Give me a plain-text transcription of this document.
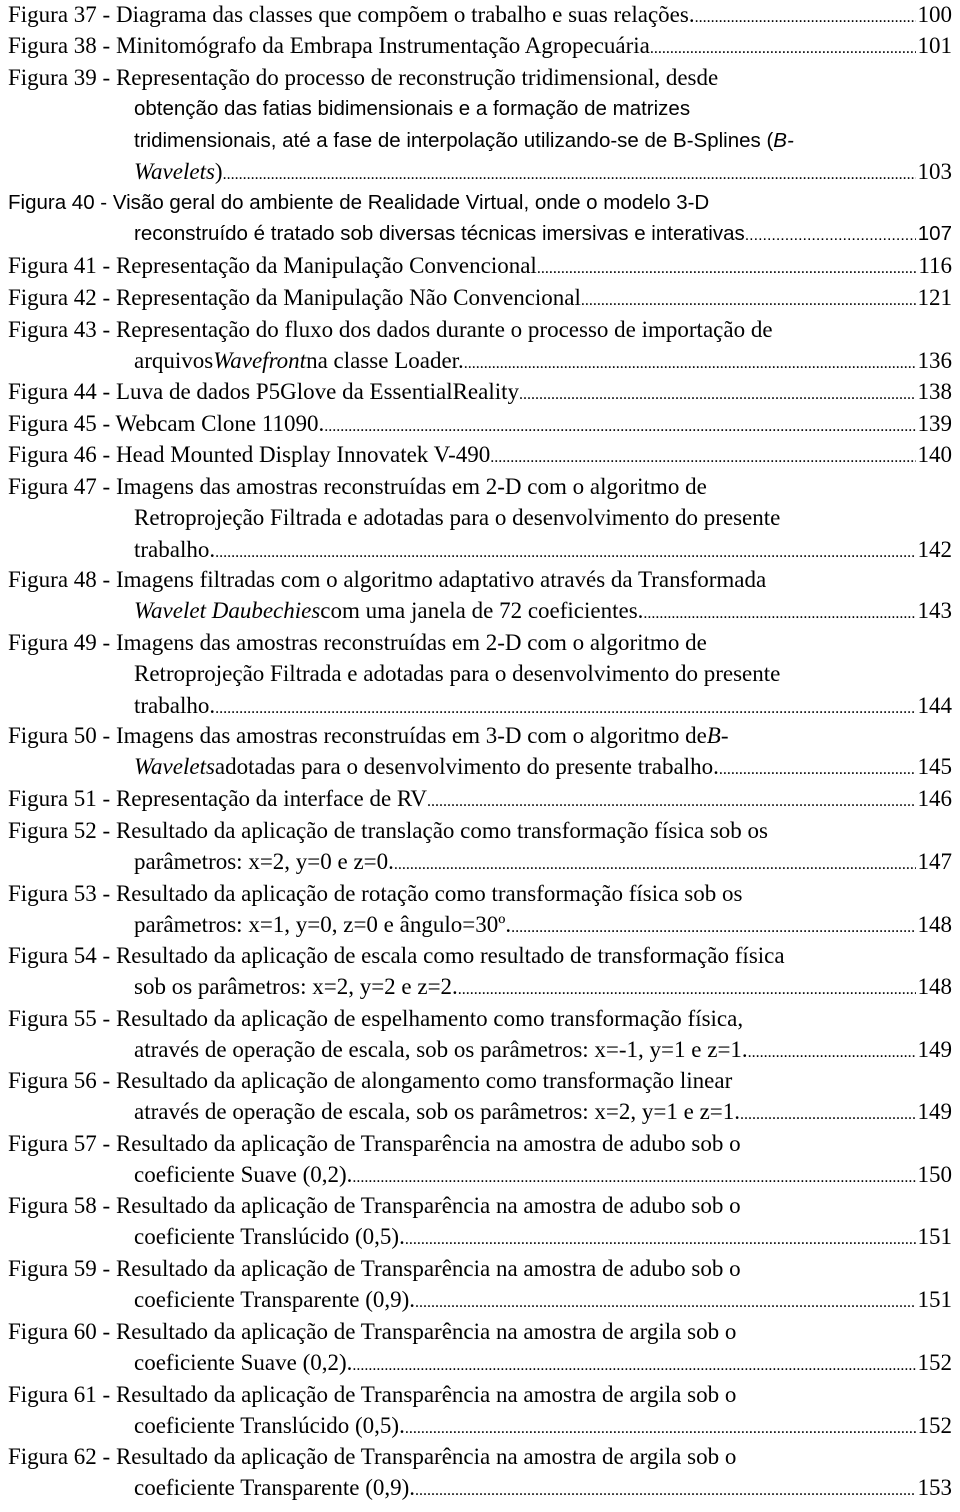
Figura 37 - Diagrama das classes que compõem o trabalho e suas relações. .....	100
Figura 38 - Minitomógrafo da Embrapa Instrumentação Agropecuária .....	101
Figura 39 - Representação do processo de reconstrução tridimensional, desde
obtenção das fatias bidimensionais e a formação de matrizes
tridimensionais, até a fase de interpolação utilizando-se de B-Splines ( B-
Wavelets ) .....	103
Figura 40 - Visão geral do ambiente de Realidade Virtual, onde o modelo 3-D
reconstruído é tratado sob diversas técnicas imersivas e interativas .....	107
Figura 41 - Representação da Manipulação Convencional .....	116
Figura 42 - Representação da Manipulação Não Convencional .....	121
Figura 43 - Representação do fluxo dos dados durante o processo de importação de
arquivos Wavefront na classe Loader. .....	136
Figura 44 - Luva de dados P5Glove da EssentialReality .....	138
Figura 45 - Webcam Clone 11090. .....	139
Figura 46 - Head Mounted Display Innovatek V-490 .....	140
Figura 47 - Imagens das amostras reconstruídas em 2-D com o algoritmo de
Retroprojeção Filtrada e adotadas para o desenvolvimento do presente
trabalho. .....	142
Figura 48 - Imagens filtradas com o algoritmo adaptativo através da Transformada
Wavelet Daubechies com uma janela de 72 coeficientes. .....	143
Figura 49 - Imagens das amostras reconstruídas em 2-D com o algoritmo de
Retroprojeção Filtrada e adotadas para o desenvolvimento do presente
trabalho. .....	144
Figura 50 - Imagens das amostras reconstruídas em 3-D com o algoritmo de B-
Wavelets adotadas para o desenvolvimento do presente trabalho. .....	145
Figura 51 - Representação da interface de RV .....	146
Figura 52 - Resultado da aplicação de translação como transformação física sob os
parâmetros: x=2, y=0 e z=0. .....	147
Figura 53 - Resultado da aplicação de rotação como transformação física sob os
parâmetros: x=1, y=0, z=0 e ângulo=30º. .....	148
Figura 54 - Resultado da aplicação de escala como resultado de transformação física
sob os parâmetros: x=2, y=2 e z=2. .....	148
Figura 55 - Resultado da aplicação de espelhamento como transformação física,
através de operação de escala, sob os parâmetros: x=-1, y=1 e z=1. .....	149
Figura 56 - Resultado da aplicação de alongamento como transformação linear
através de operação de escala, sob os parâmetros: x=2, y=1 e z=1. .....	149
Figura 57 - Resultado da aplicação de Transparência na amostra de adubo sob o
coeficiente Suave (0,2). .....	150
Figura 58 - Resultado da aplicação de Transparência na amostra de adubo sob o
coeficiente Translúcido (0,5). .....	151
Figura 59 - Resultado da aplicação de Transparência na amostra de adubo sob o
coeficiente Transparente (0,9). .....	151
Figura 60 - Resultado da aplicação de Transparência na amostra de argila sob o
coeficiente Suave (0,2). .....	152
Figura 61 - Resultado da aplicação de Transparência na amostra de argila sob o
coeficiente Translúcido (0,5). .....	152
Figura 62 - Resultado da aplicação de Transparência na amostra de argila sob o
coeficiente Transparente (0,9). .....	153
